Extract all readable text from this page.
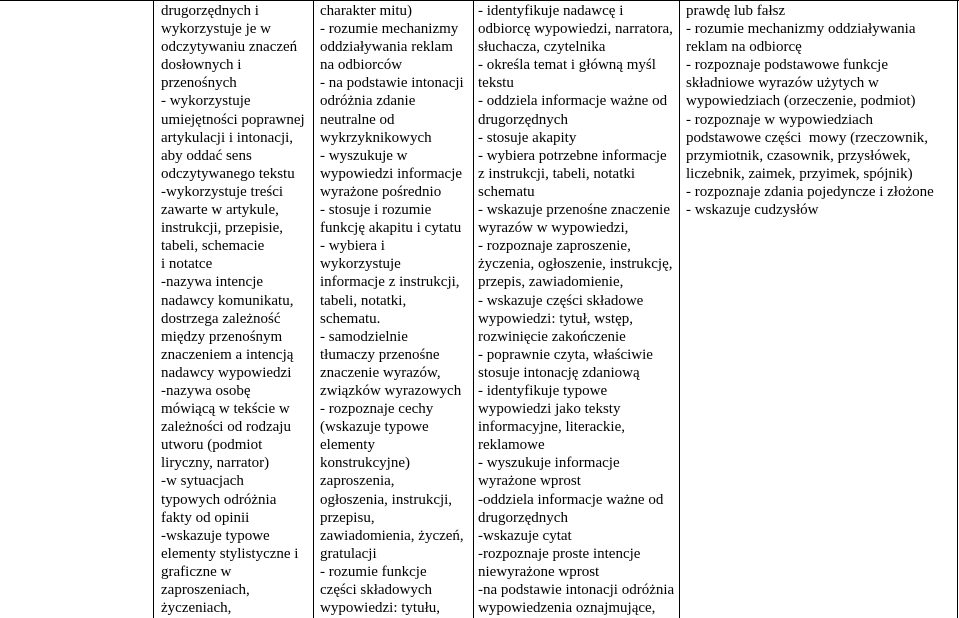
drugorzędnych i
wykorzystuje je w
odczytywaniu znaczeń
dosłownych i
przenośnych
- wykorzystuje
umiejętności poprawnej
artykulacji i intonacji,
aby oddać sens
odczytywanego tekstu
-wykorzystuje treści
zawarte w artykule,
instrukcji, przepisie,
tabeli, schemacie
i notatce
-nazywa intencje
nadawcy komunikatu,
dostrzega zależność
między przenośnym
znaczeniem a intencją
nadawcy wypowiedzi
-nazywa osobę
mówiącą w tekście w
zależności od rodzaju
utworu (podmiot
liryczny, narrator)
-w sytuacjach
typowych odróżnia
fakty od opinii
-wskazuje typowe
elementy stylistyczne i
graficzne w
zaproszeniach,
życzeniach,
charakter mitu)
- rozumie mechanizmy
oddziaływania reklam
na odbiorców
- na podstawie intonacji
odróżnia zdanie
neutralne od
wykrzyknikowych
- wyszukuje w
wypowiedzi informacje
wyrażone pośrednio
- stosuje i rozumie
funkcję akapitu i cytatu
- wybiera i
wykorzystuje
informacje z instrukcji,
tabeli, notatki,
schematu.
- samodzielnie
tłumaczy przenośne
znaczenie wyrazów,
związków wyrazowych
- rozpoznaje cechy
(wskazuje typowe
elementy
konstrukcyjne)
zaproszenia,
ogłoszenia, instrukcji,
przepisu,
zawiadomienia, życzeń,
gratulacji
- rozumie funkcje
części składowych
wypowiedzi: tytułu,
- identyfikuje nadawcę i
odbiorcę wypowiedzi, narratora,
słuchacza, czytelnika
- określa temat i główną myśl
tekstu
- oddziela informacje ważne od
drugorzędnych
- stosuje akapity
- wybiera potrzebne informacje
z instrukcji, tabeli, notatki
schematu
- wskazuje przenośne znaczenie
wyrazów w wypowiedzi,
- rozpoznaje zaproszenie,
życzenia, ogłoszenie, instrukcję,
przepis, zawiadomienie,
- wskazuje części składowe
wypowiedzi: tytuł, wstęp,
rozwinięcie zakończenie
- poprawnie czyta, właściwie
stosuje intonację zdaniową
- identyfikuje typowe
wypowiedzi jako teksty
informacyjne, literackie,
reklamowe
- wyszukuje informacje
wyrażone wprost
-oddziela informacje ważne od
drugorzędnych
-wskazuje cytat
-rozpoznaje proste intencje
niewyrażone wprost
-na podstawie intonacji odróżnia
wypowiedzenia oznajmujące,
prawdę lub fałsz
- rozumie mechanizmy oddziaływania
reklam na odbiorcę
- rozpoznaje podstawowe funkcje
składniowe wyrazów użytych w
wypowiedziach (orzeczenie, podmiot)
- rozpoznaje w wypowiedziach
podstawowe części  mowy (rzeczownik,
przymiotnik, czasownik, przysłówek,
liczebnik, zaimek, przyimek, spójnik)
- rozpoznaje zdania pojedyncze i złożone
- wskazuje cudzysłów
